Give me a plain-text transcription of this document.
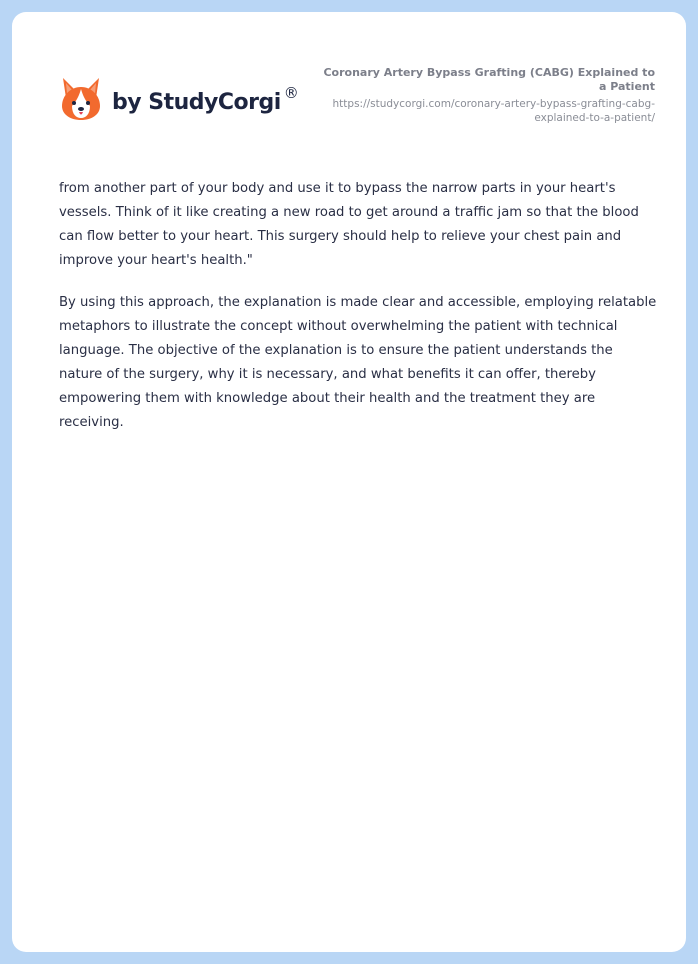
by StudyCorgi ®

Coronary Artery Bypass Grafting (CABG) Explained to a Patient

https://studycorgi.com/coronary-artery-bypass-grafting-cabg-explained-to-a-patient/

from another part of your body and use it to bypass the narrow parts in your heart's vessels. Think of it like creating a new road to get around a traffic jam so that the blood can flow better to your heart. This surgery should help to relieve your chest pain and improve your heart's health."

By using this approach, the explanation is made clear and accessible, employing relatable metaphors to illustrate the concept without overwhelming the patient with technical language. The objective of the explanation is to ensure the patient understands the nature of the surgery, why it is necessary, and what benefits it can offer, thereby empowering them with knowledge about their health and the treatment they are receiving.
